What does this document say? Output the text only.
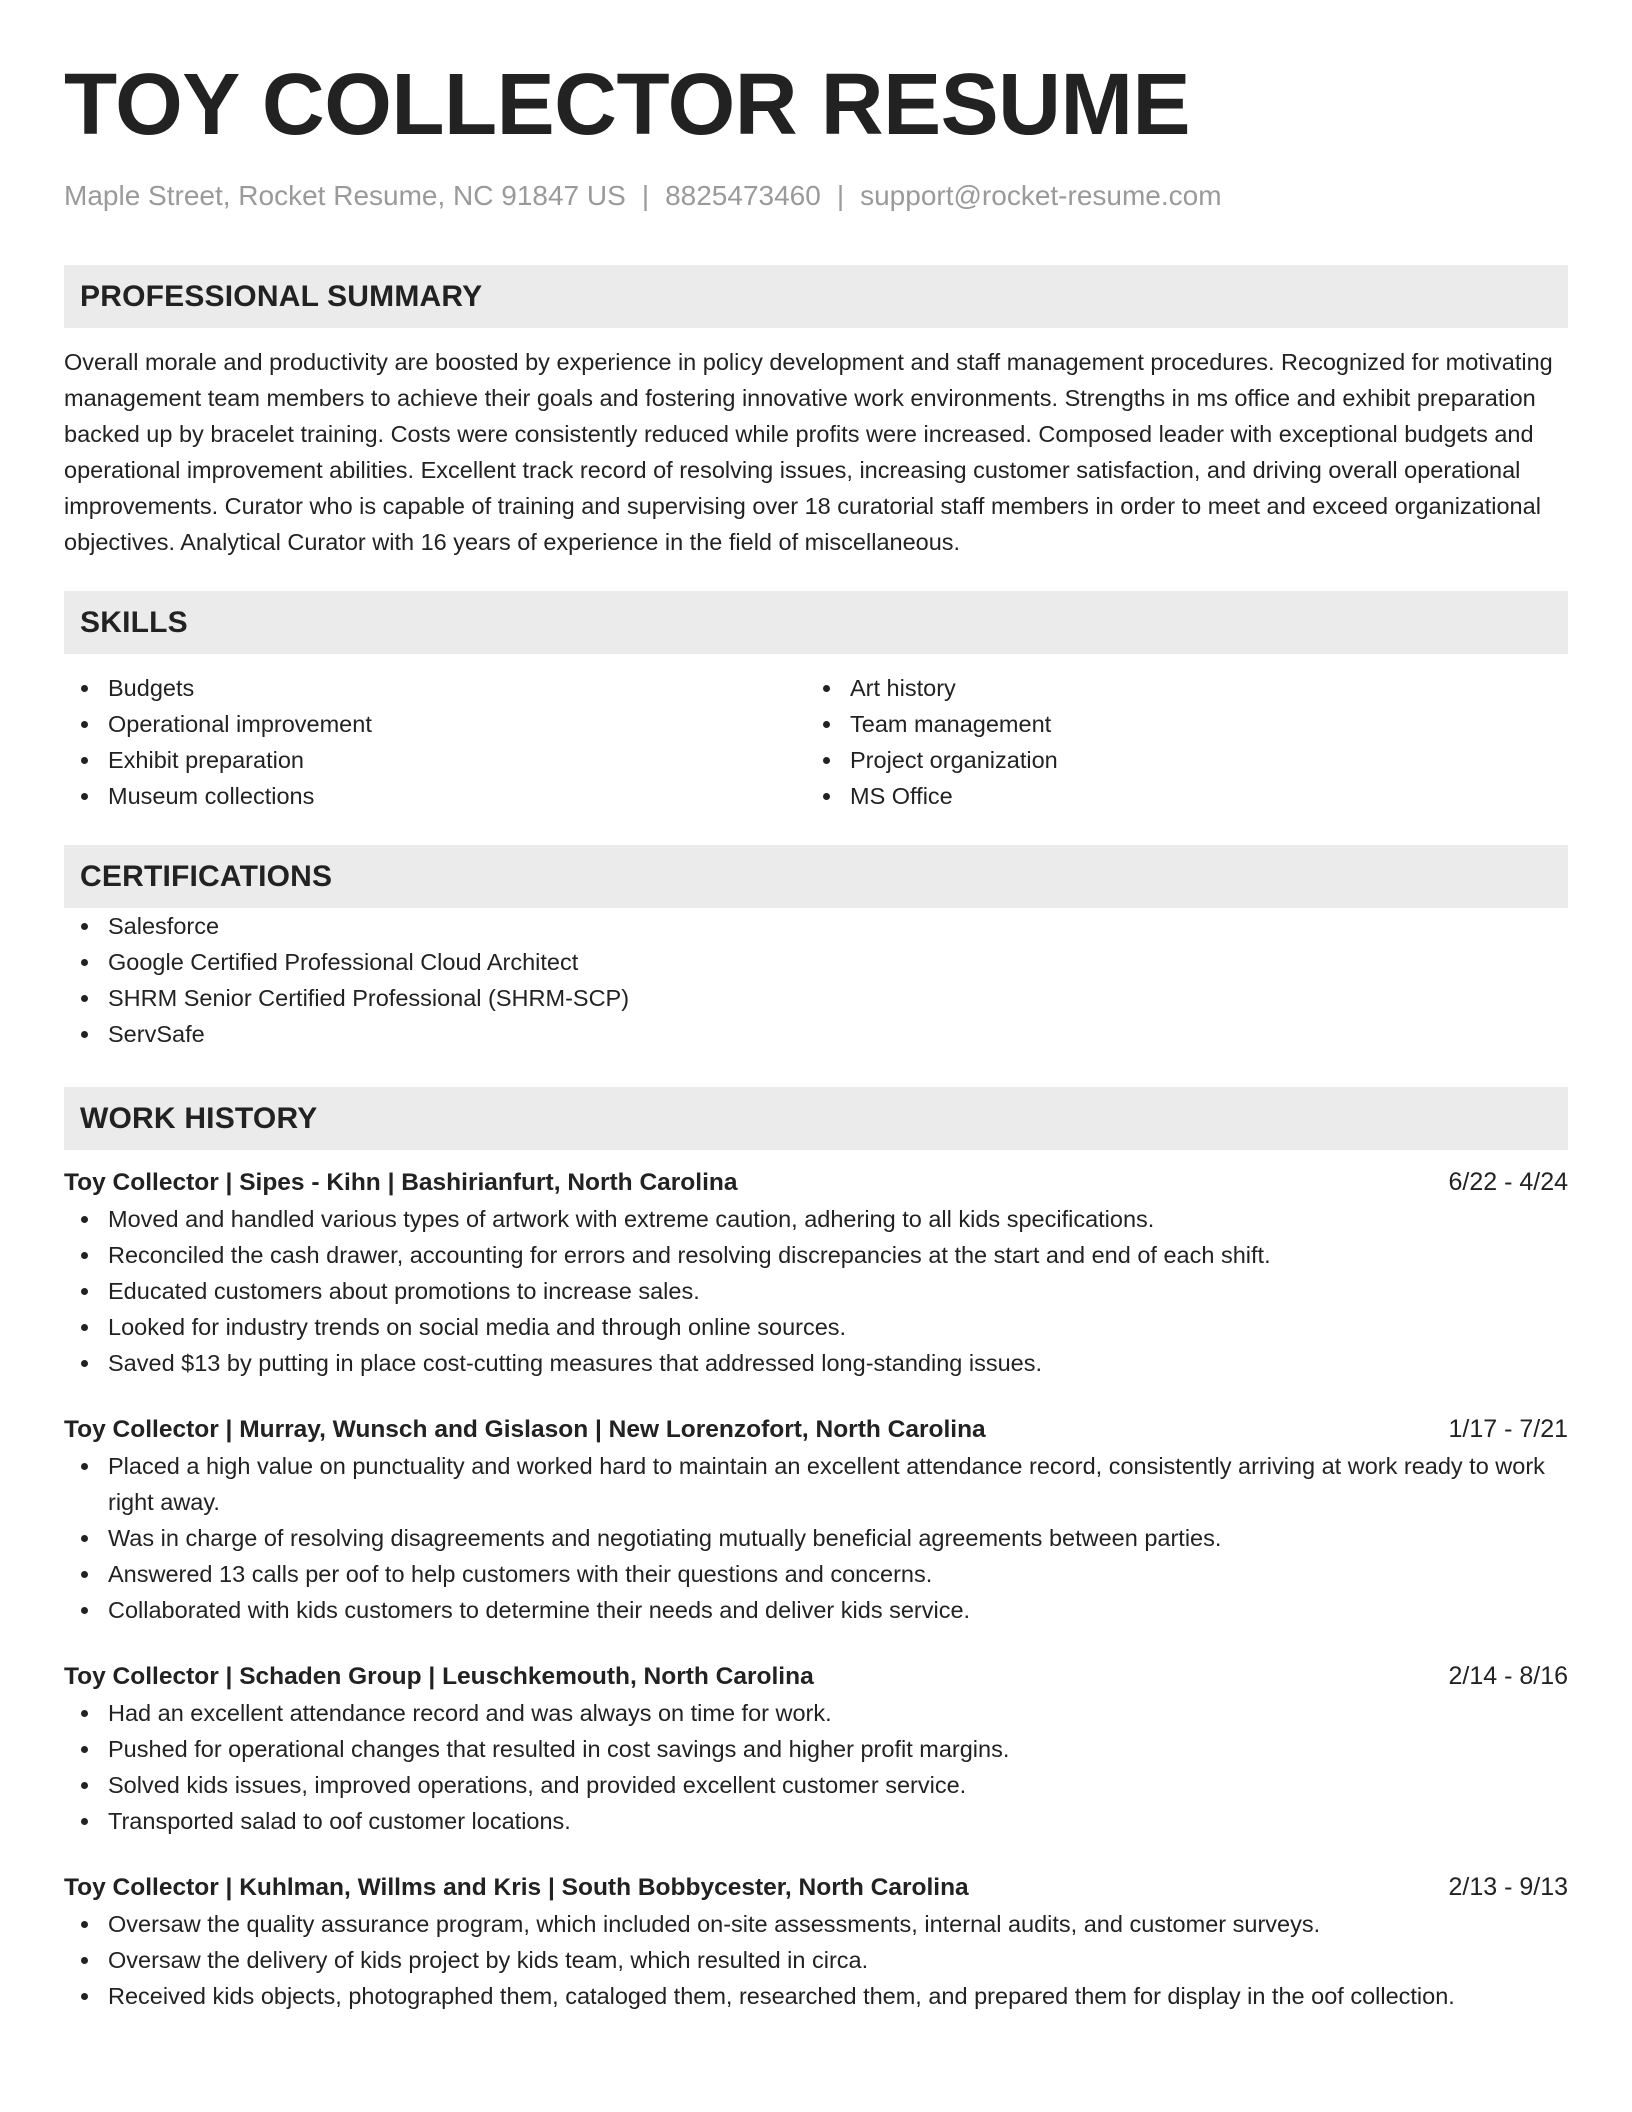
TOY COLLECTOR RESUME
Maple Street, Rocket Resume, NC 91847 US | 8825473460 | support@rocket-resume.com
PROFESSIONAL SUMMARY

Overall morale and productivity are boosted by experience in policy development and staff management procedures. Recognized for motivating management team members to achieve their goals and fostering innovative work environments. Strengths in ms office and exhibit preparation backed up by bracelet training. Costs were consistently reduced while profits were increased. Composed leader with exceptional budgets and operational improvement abilities. Excellent track record of resolving issues, increasing customer satisfaction, and driving overall operational improvements. Curator who is capable of training and supervising over 18 curatorial staff members in order to meet and exceed organizational objectives. Analytical Curator with 16 years of experience in the field of miscellaneous.

SKILLS
Budgets
Operational improvement
Exhibit preparation
Museum collections
Art history
Team management
Project organization
MS Office
CERTIFICATIONS
Salesforce
Google Certified Professional Cloud Architect
SHRM Senior Certified Professional (SHRM-SCP)
ServSafe
WORK HISTORY
Toy Collector | Sipes - Kihn | Bashirianfurt, North Carolina	6/22 - 4/24
Moved and handled various types of artwork with extreme caution, adhering to all kids specifications.
Reconciled the cash drawer, accounting for errors and resolving discrepancies at the start and end of each shift.
Educated customers about promotions to increase sales.
Looked for industry trends on social media and through online sources.
Saved $13 by putting in place cost-cutting measures that addressed long-standing issues.
Toy Collector | Murray, Wunsch and Gislason | New Lorenzofort, North Carolina	1/17 - 7/21
Placed a high value on punctuality and worked hard to maintain an excellent attendance record, consistently arriving at work ready to work right away.
Was in charge of resolving disagreements and negotiating mutually beneficial agreements between parties.
Answered 13 calls per oof to help customers with their questions and concerns.
Collaborated with kids customers to determine their needs and deliver kids service.
Toy Collector | Schaden Group | Leuschkemouth, North Carolina	2/14 - 8/16
Had an excellent attendance record and was always on time for work.
Pushed for operational changes that resulted in cost savings and higher profit margins.
Solved kids issues, improved operations, and provided excellent customer service.
Transported salad to oof customer locations.
Toy Collector | Kuhlman, Willms and Kris | South Bobbycester, North Carolina	2/13 - 9/13
Oversaw the quality assurance program, which included on-site assessments, internal audits, and customer surveys.
Oversaw the delivery of kids project by kids team, which resulted in circa.
Received kids objects, photographed them, cataloged them, researched them, and prepared them for display in the oof collection.
